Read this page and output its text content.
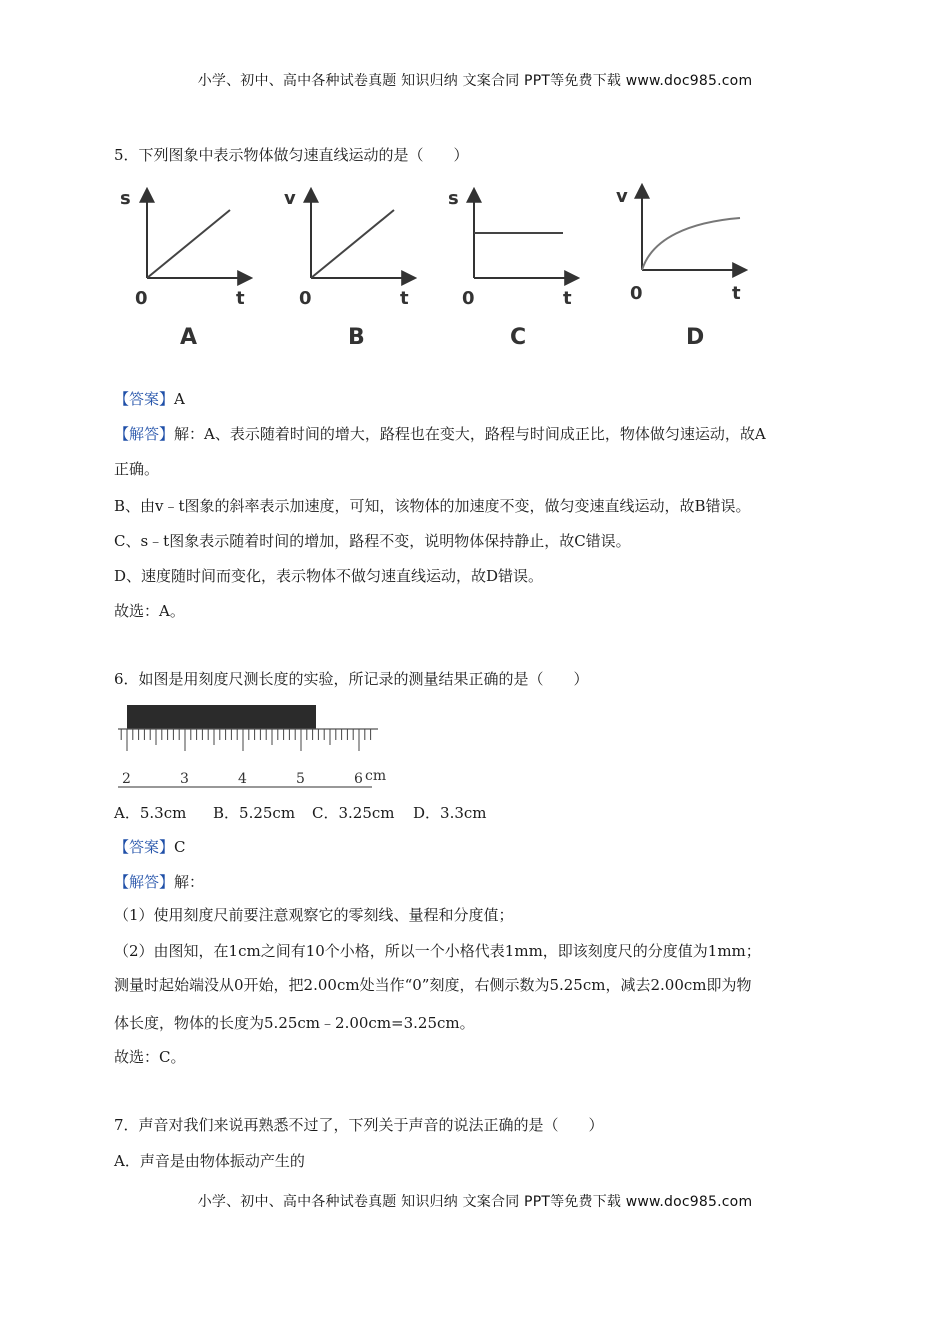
小学、初中、高中各种试卷真题 知识归纳 文案合同 PPT等免费下载 www.doc985.com
5．下列图象中表示物体做匀速直线运动的是（　　）
s
0	t
A
v
0	t
B
s
0	t
C
v
0	t
D
【答案】A
【解答】解：A、表示随着时间的增大，路程也在变大，路程与时间成正比，物体做匀速运动，故A
正确。
B、由v﹣t图象的斜率表示加速度，可知，该物体的加速度不变，做匀变速直线运动，故B错误。
C、s﹣t图象表示随着时间的增加，路程不变，说明物体保持静止，故C错误。
D、速度随时间而变化，表示物体不做匀速直线运动，故D错误。
故选：A。
6．如图是用刻度尺测长度的实验，所记录的测量结果正确的是（　　）
2	3	4	5	6 cm
A．5.3cm B．5.25cm C．3.25cm D．3.3cm
【答案】C
【解答】解：
（1）使用刻度尺前要注意观察它的零刻线、量程和分度值；
（2）由图知，在1cm之间有10个小格，所以一个小格代表1mm，即该刻度尺的分度值为1mm；
测量时起始端没从0开始，把2.00cm处当作“0”刻度，右侧示数为5.25cm，减去2.00cm即为物
体长度，物体的长度为5.25cm﹣2.00cm=3.25cm。
故选：C。
7．声音对我们来说再熟悉不过了，下列关于声音的说法正确的是（　　）
A．声音是由物体振动产生的
小学、初中、高中各种试卷真题 知识归纳 文案合同 PPT等免费下载 www.doc985.com
